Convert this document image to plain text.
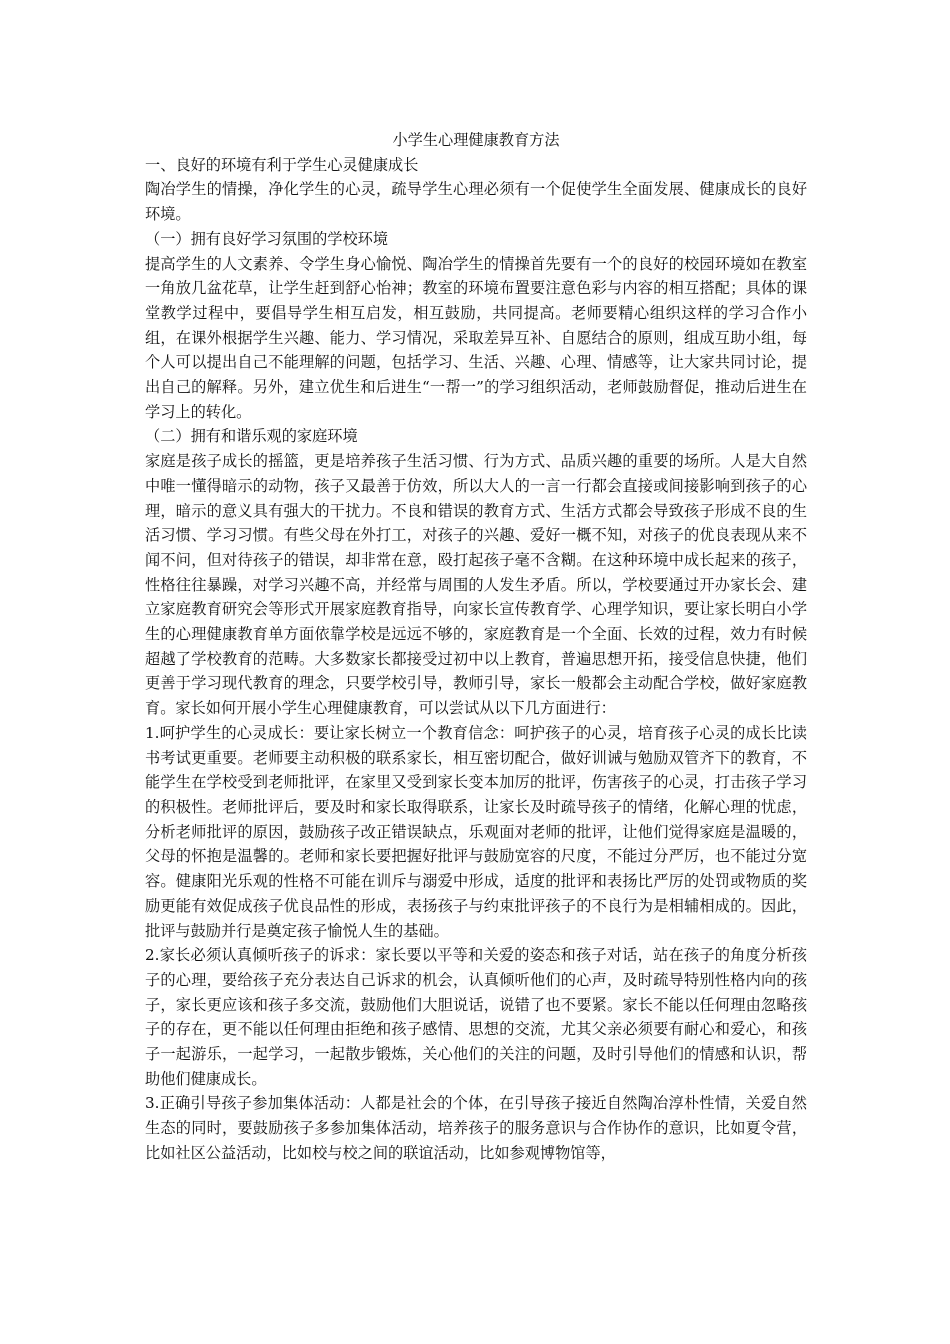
小学生心理健康教育方法
一、良好的环境有利于学生心灵健康成长
陶冶学生的情操，净化学生的心灵，疏导学生心理必须有一个促使学生全面发展、健康成长的良好环境。
（一）拥有良好学习氛围的学校环境
提高学生的人文素养、令学生身心愉悦、陶冶学生的情操首先要有一个的良好的校园环境如在教室一角放几盆花草，让学生赶到舒心怡神；教室的环境布置要注意色彩与内容的相互搭配；具体的课堂教学过程中，要倡导学生相互启发，相互鼓励，共同提高。老师要精心组织这样的学习合作小组，在课外根据学生兴趣、能力、学习情况，采取差异互补、自愿结合的原则，组成互助小组，每个人可以提出自己不能理解的问题，包括学习、生活、兴趣、心理、情感等，让大家共同讨论，提出自己的解释。另外，建立优生和后进生“一帮一”的学习组织活动，老师鼓励督促，推动后进生在学习上的转化。
（二）拥有和谐乐观的家庭环境
家庭是孩子成长的摇篮，更是培养孩子生活习惯、行为方式、品质兴趣的重要的场所。人是大自然中唯一懂得暗示的动物，孩子又最善于仿效，所以大人的一言一行都会直接或间接影响到孩子的心理，暗示的意义具有强大的干扰力。不良和错误的教育方式、生活方式都会导致孩子形成不良的生活习惯、学习习惯。有些父母在外打工，对孩子的兴趣、爱好一概不知，对孩子的优良表现从来不闻不问，但对待孩子的错误，却非常在意，殴打起孩子毫不含糊。在这种环境中成长起来的孩子，性格往往暴躁，对学习兴趣不高，并经常与周围的人发生矛盾。所以，学校要通过开办家长会、建立家庭教育研究会等形式开展家庭教育指导，向家长宣传教育学、心理学知识，要让家长明白小学生的心理健康教育单方面依靠学校是远远不够的，家庭教育是一个全面、长效的过程，效力有时候超越了学校教育的范畴。大多数家长都接受过初中以上教育，普遍思想开拓，接受信息快捷，他们更善于学习现代教育的理念，只要学校引导，教师引导，家长一般都会主动配合学校，做好家庭教育。家长如何开展小学生心理健康教育，可以尝试从以下几方面进行：
1.呵护学生的心灵成长：要让家长树立一个教育信念：呵护孩子的心灵，培育孩子心灵的成长比读书考试更重要。老师要主动积极的联系家长，相互密切配合，做好训诫与勉励双管齐下的教育，不能学生在学校受到老师批评，在家里又受到家长变本加厉的批评，伤害孩子的心灵，打击孩子学习的积极性。老师批评后，要及时和家长取得联系，让家长及时疏导孩子的情绪，化解心理的忧虑，分析老师批评的原因，鼓励孩子改正错误缺点，乐观面对老师的批评，让他们觉得家庭是温暖的，父母的怀抱是温馨的。老师和家长要把握好批评与鼓励宽容的尺度，不能过分严厉，也不能过分宽容。健康阳光乐观的性格不可能在训斥与溺爱中形成，适度的批评和表扬比严厉的处罚或物质的奖励更能有效促成孩子优良品性的形成，表扬孩子与约束批评孩子的不良行为是相辅相成的。因此，批评与鼓励并行是奠定孩子愉悦人生的基础。
2.家长必须认真倾听孩子的诉求：家长要以平等和关爱的姿态和孩子对话，站在孩子的角度分析孩子的心理，要给孩子充分表达自己诉求的机会，认真倾听他们的心声，及时疏导特别性格内向的孩子，家长更应该和孩子多交流，鼓励他们大胆说话，说错了也不要紧。家长不能以任何理由忽略孩子的存在，更不能以任何理由拒绝和孩子感情、思想的交流，尤其父亲必须要有耐心和爱心，和孩子一起游乐，一起学习，一起散步锻炼，关心他们的关注的问题，及时引导他们的情感和认识，帮助他们健康成长。
3.正确引导孩子参加集体活动：人都是社会的个体，在引导孩子接近自然陶冶淳朴性情，关爱自然生态的同时，要鼓励孩子多参加集体活动，培养孩子的服务意识与合作协作的意识，比如夏令营，比如社区公益活动，比如校与校之间的联谊活动，比如参观博物馆等，
